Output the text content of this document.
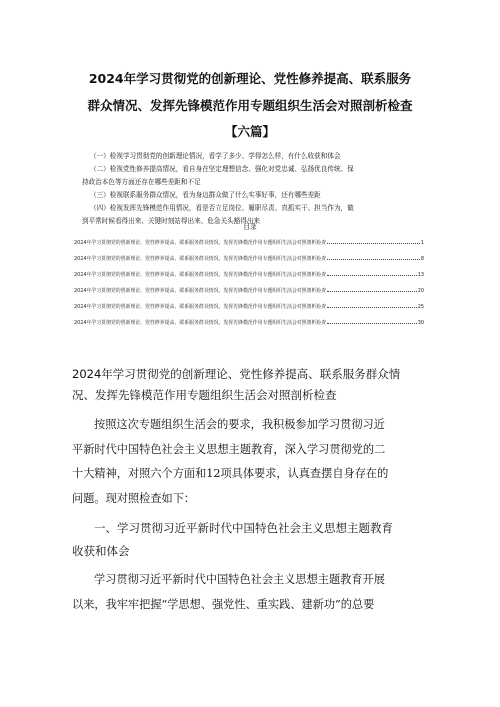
2024年学习贯彻党的创新理论、党性修养提高、联系服务
群众情况、发挥先锋模范作用专题组织生活会对照剖析检查
【六篇】

（一）检视学习贯彻党的创新理论情况，看学了多少、学得怎么样，有什么收获和体会

（二）检视党性修养提高情况，看自身在坚定理想信念、强化对党忠诚、弘扬优良传统、保

持政治本色等方面还存在哪些差距和不足

（三）检视联系服务群众情况，看为身边群众做了什么实事好事，还有哪些差距

（四）检视发挥先锋模范作用情况，看是否立足岗位、履职尽责、真抓实干、担当作为，做

到平常时候看得出来、关键时刻站得出来、危急关头豁得出来

目录
2024年学习贯彻党的创新理论、党性修养提高、联系服务群众情况、发挥先锋模范作用专题组织生活会对照剖析检查	1
2024年学习贯彻党的创新理论、党性修养提高、联系服务群众情况、发挥先锋模范作用专题组织生活会对照剖析检查	8
2024年学习贯彻党的创新理论、党性修养提高、联系服务群众情况、发挥先锋模范作用专题组织生活会对照剖析检查	13
2024年学习贯彻党的创新理论、党性修养提高、联系服务群众情况、发挥先锋模范作用专题组织生活会对照剖析检查	20
2024年学习贯彻党的创新理论、党性修养提高、联系服务群众情况、发挥先锋模范作用专题组织生活会对照剖析检查	25
2024年学习贯彻党的创新理论、党性修养提高、联系服务群众情况、发挥先锋模范作用专题组织生活会对照剖析检查	30

2024年学习贯彻党的创新理论、党性修养提高、联系服务群众情

况、发挥先锋模范作用专题组织生活会对照剖析检查

按照这次专题组织生活会的要求，我积极参加学习贯彻习近

平新时代中国特色社会主义思想主题教育，深入学习贯彻党的二

十大精神，对照六个方面和12项具体要求，认真查摆自身存在的

问题。现对照检查如下：

一、学习贯彻习近平新时代中国特色社会主义思想主题教育

收获和体会

学习贯彻习近平新时代中国特色社会主义思想主题教育开展

以来，我牢牢把握“学思想、强党性、重实践、建新功”的总要
